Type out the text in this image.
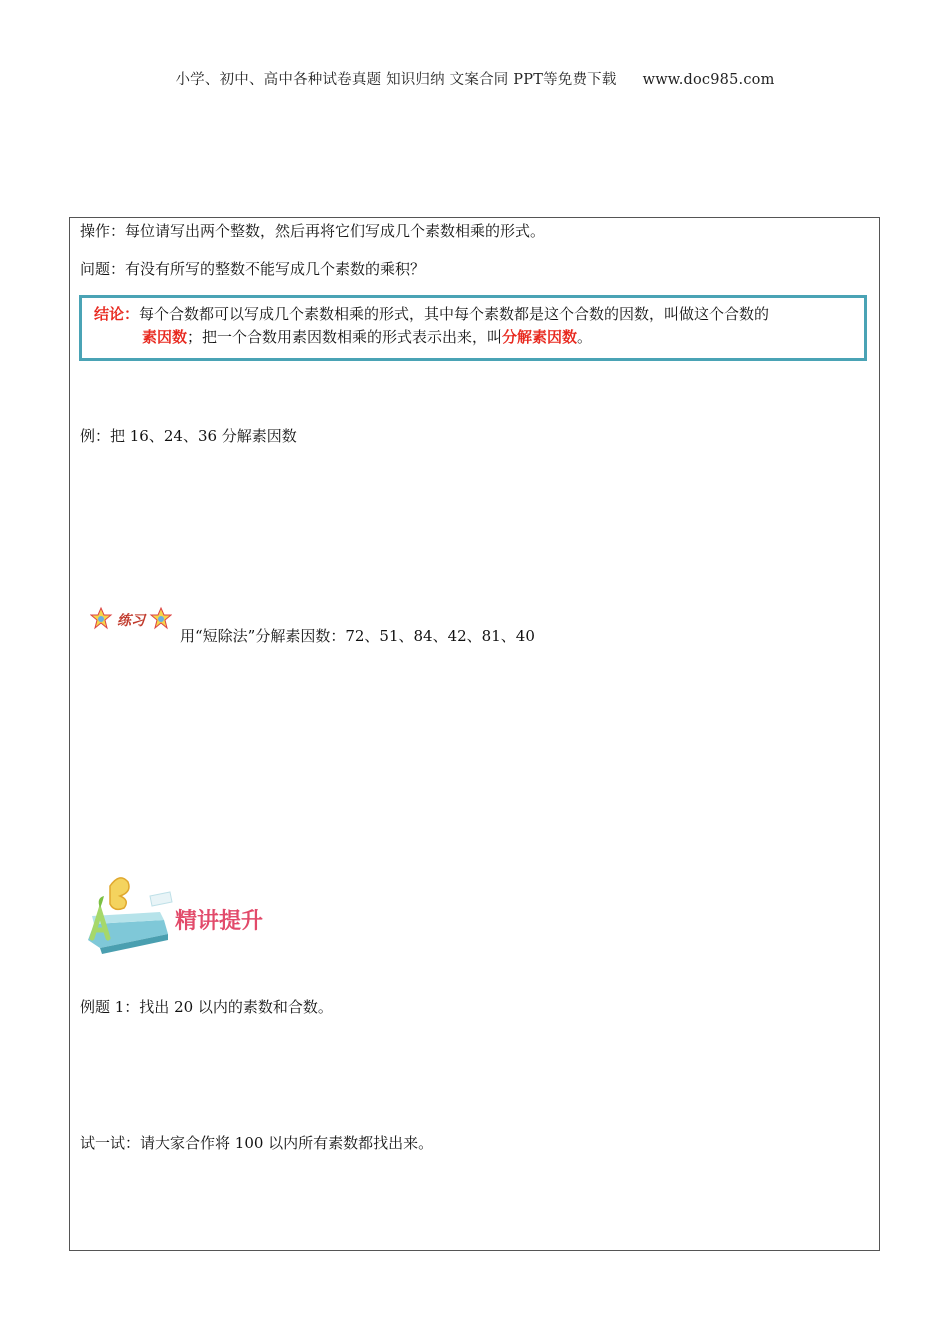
小学、初中、高中各种试卷真题 知识归纳 文案合同 PPT等免费下载 www.doc985.com
操作：每位请写出两个整数，然后再将它们写成几个素数相乘的形式。
问题：有没有所写的整数不能写成几个素数的乘积？
结论：每个合数都可以写成几个素数相乘的形式，其中每个素数都是这个合数的因数，叫做这个合数的
素因数；把一个合数用素因数相乘的形式表示出来，叫分解素因数。
例：把 16、24、36 分解素因数
练习
用“短除法”分解素因数：72、51、84、42、81、40
精讲提升
例题 1：找出 20 以内的素数和合数。
试一试：请大家合作将 100 以内所有素数都找出来。
